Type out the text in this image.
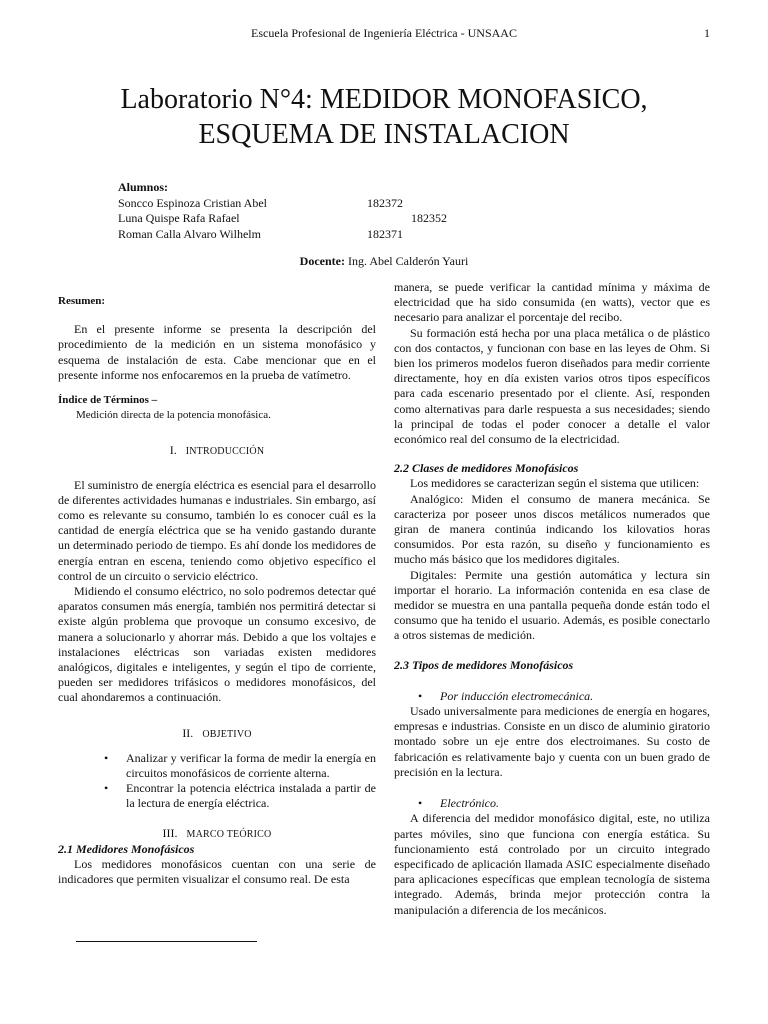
Escuela Profesional de Ingeniería Eléctrica - UNSAAC	1
Laboratorio N°4: MEDIDOR MONOFASICO,
ESQUEMA DE INSTALACION
Alumnos:
Soncco Espinoza Cristian Abel	182372
Luna Quispe Rafa Rafael	182352
Roman Calla Alvaro Wilhelm	182371
Docente: Ing. Abel Calderón Yauri
Resumen:

En el presente informe se presenta la descripción del procedimiento de la medición en un sistema monofásico y esquema de instalación de esta. Cabe mencionar que en el presente informe nos enfocaremos en la prueba de vatímetro.

Índice de Términos –
Medición directa de la potencia monofásica.
I. INTRODUCCIÓN

El suministro de energía eléctrica es esencial para el desarrollo de diferentes actividades humanas e industriales. Sin embargo, así como es relevante su consumo, también lo es conocer cuál es la cantidad de energía eléctrica que se ha venido gastando durante un determinado periodo de tiempo. Es ahí donde los medidores de energía entran en escena, teniendo como objetivo específico el control de un circuito o servicio eléctrico.

Midiendo el consumo eléctrico, no solo podremos detectar qué aparatos consumen más energía, también nos permitirá detectar si existe algún problema que provoque un consumo excesivo, de manera a solucionarlo y ahorrar más. Debido a que los voltajes e instalaciones eléctricas son variadas existen medidores analógicos, digitales e inteligentes, y según el tipo de corriente, pueden ser medidores trifásicos o medidores monofásicos, del cual ahondaremos a continuación.

II. OBJETIVO
• Analizar y verificar la forma de medir la energía en circuitos monofásicos de corriente alterna.
• Encontrar la potencia eléctrica instalada a partir de la lectura de energía eléctrica.
III. MARCO TEÓRICO
2.1 Medidores Monofásicos

Los medidores monofásicos cuentan con una serie de indicadores que permiten visualizar el consumo real. De esta

manera, se puede verificar la cantidad mínima y máxima de electricidad que ha sido consumida (en watts), vector que es necesario para analizar el porcentaje del recibo.

Su formación está hecha por una placa metálica o de plástico con dos contactos, y funcionan con base en las leyes de Ohm. Si bien los primeros modelos fueron diseñados para medir corriente directamente, hoy en día existen varios otros tipos específicos para cada escenario presentado por el cliente. Así, responden como alternativas para darle respuesta a sus necesidades; siendo la principal de todas el poder conocer a detalle el valor económico real del consumo de la electricidad.

2.2 Clases de medidores Monofásicos

Los medidores se caracterizan según el sistema que utilicen:

Analógico: Miden el consumo de manera mecánica. Se caracteriza por poseer unos discos metálicos numerados que giran de manera continúa indicando los kilovatios horas consumidos. Por esta razón, su diseño y funcionamiento es mucho más básico que los medidores digitales.

Digitales: Permite una gestión automática y lectura sin importar el horario. La información contenida en esa clase de medidor se muestra en una pantalla pequeña donde están todo el consumo que ha tenido el usuario. Además, es posible conectarlo a otros sistemas de medición.

2.3 Tipos de medidores Monofásicos
• Por inducción electromecánica.

Usado universalmente para mediciones de energía en hogares, empresas e industrias. Consiste en un disco de aluminio giratorio montado sobre un eje entre dos electroimanes. Su costo de fabricación es relativamente bajo y cuenta con un buen grado de precisión en la lectura.

• Electrónico.

A diferencia del medidor monofásico digital, este, no utiliza partes móviles, sino que funciona con energía estática. Su funcionamiento está controlado por un circuito integrado especificado de aplicación llamada ASIC especialmente diseñado para aplicaciones específicas que emplean tecnología de sistema integrado. Además, brinda mejor protección contra la manipulación a diferencia de los mecánicos.
